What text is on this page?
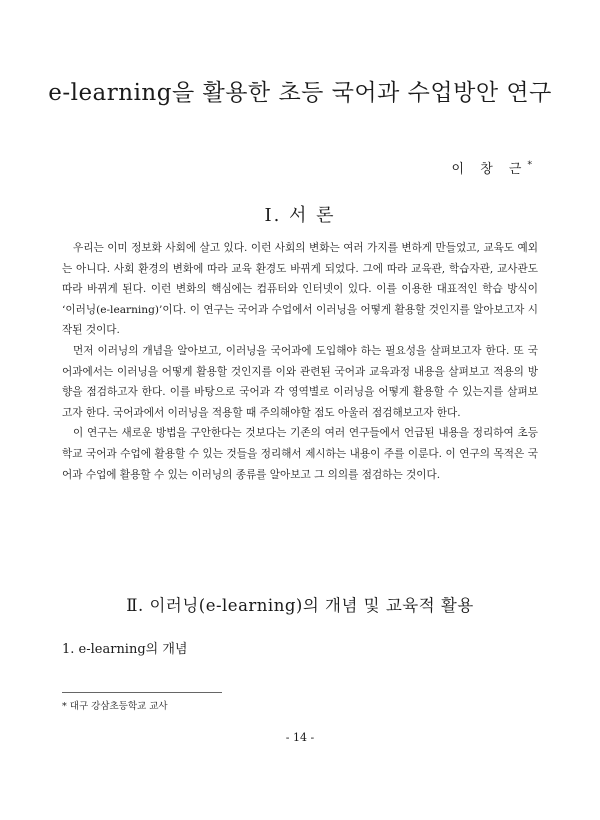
e-learning을 활용한 초등 국어과 수업방안 연구
이 창 근*
Ⅰ. 서 론

우리는 이미 정보화 사회에 살고 있다. 이런 사회의 변화는 여러 가지를 변하게 만들었고, 교육도 예외는 아니다. 사회 환경의 변화에 따라 교육 환경도 바뀌게 되었다. 그에 따라 교육관, 학습자관, 교사관도 따라 바뀌게 된다. 이런 변화의 핵심에는 컴퓨터와 인터넷이 있다. 이를 이용한 대표적인 학습 방식이 ‘이러닝(e-learning)’이다. 이 연구는 국어과 수업에서 이러닝을 어떻게 활용할 것인지를 알아보고자 시작된 것이다.

먼저 이러닝의 개념을 알아보고, 이러닝을 국어과에 도입해야 하는 필요성을 살펴보고자 한다. 또 국어과에서는 이러닝을 어떻게 활용할 것인지를 이와 관련된 국어과 교육과정 내용을 살펴보고 적용의 방향을 점검하고자 한다. 이를 바탕으로 국어과 각 영역별로 이러닝을 어떻게 활용할 수 있는지를 살펴보고자 한다. 국어과에서 이러닝을 적용할 때 주의해야할 점도 아울러 점검해보고자 한다.

이 연구는 새로운 방법을 구안한다는 것보다는 기존의 여러 연구들에서 언급된 내용을 정리하여 초등학교 국어과 수업에 활용할 수 있는 것들을 정리해서 제시하는 내용이 주를 이룬다. 이 연구의 목적은 국어과 수업에 활용할 수 있는 이러닝의 종류를 알아보고 그 의의를 점검하는 것이다.

Ⅱ. 이러닝(e-learning)의 개념 및 교육적 활용
1. e-learning의 개념
* 대구 강삼초등학교 교사
- 14 -
